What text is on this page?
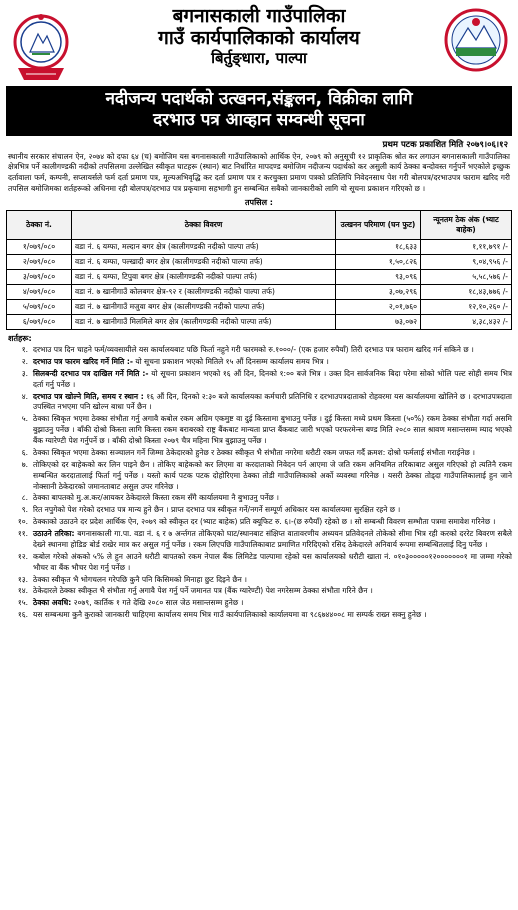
बगनासकाली गाउँपालिका
गाउँ कार्यपालिकाको कार्यालय
बिर्तुङ्धारा, पाल्पा
नदीजन्य पदार्थको उत्खनन,संङ्कलन, विक्रीका लागि
दरभाउ पत्र आव्हान सम्वन्धी सूचना
प्रथम पटक प्रकाशित मिति २०७९।०६।१२
स्थानीय सरकार संचालन ऐन, २०७४ को दफा ६४ (च) बमोजिम यस बगनासकाली गाउँपालिकाको आर्थिक ऐन, २०७९ को अनुसूची १२ प्राकृतिक श्रोत कर लगाउन बगनासकाली गाउँपालिका क्षेत्रभित्र पर्ने कालीगण्डकी नदीको तपसिलमा उल्लेखित स्वीकृत घाटहरू (स्थान) बाट निर्धारित मापदण्ड बमोजिम नदीजन्य पदार्थको कर असुली कार्य ठेक्का बन्दोवस्त गर्नुपर्ने भएकोले इच्छुक दर्तावाला फर्म, कम्पनी, सप्लायर्सले फर्म दर्ता प्रमाण पत्र, मूल्यअभिवृद्धि कर दर्ता प्रमाण पत्र र करचुक्ता प्रमाण पत्रको प्रतिलिपि निवेदनसाथ पेश गरी बोलपत्र/दरभाउपत्र फाराम खरिद गरी तपसिल बमोजिमका शर्तहरूको अधिनमा रही बोलपत्र/दरभाउ पत्र प्रकृयामा सहभागी हुन सम्बन्धित सबैको जानकारीको लागि यो सूचना प्रकाशन गरिएको छ ।
तपसिल :
ठेक्का नं.	ठेक्का विवरण	उत्खनन परिमाण (घन फुट)	न्यूनतम ठेक अंक (भ्याट बाहेक)
१/०७९/०८०	वडा नं. ६ यम्फा, मल्दान बगर क्षेत्र (कालीगण्डकी नदीको पाल्पा तर्फ)	१८,६३३	१,११,७९१ /-
२/०७९/०८०	वडा नं. ६ यम्फा, पल्खादी बगर क्षेत्र (कालीगण्डकी नदीको पाल्पा तर्फ)	१,५०,८२६	९,०४,९५६ /-
३/०७९/०८०	वडा नं. ६ यम्फा, टिपुवा बगर क्षेत्र (कालीगण्डकी नदीको पाल्पा तर्फ)	९३,०९६	५,५८,५७६ /-
४/०७९/०८०	वडा नं. ७ खानीगाउँ कोलबगर क्षेत्र-९२ र (कालीगण्डकी नदीको पाल्पा तर्फ)	३,०७,२९६	१८,४३,७७६ /-
५/०७९/०८०	वडा नं. ७ खानीगाउँ मजुवा बगर क्षेत्र (कालीगण्डकी नदीको पाल्पा तर्फ)	२,०१,७६०	१२,१०,२६० /-
६/०७९/०८०	वडा नं. ७ खानीगाउँ मिलमिले बगर क्षेत्र (कालीगण्डकी नदीको पाल्पा तर्फ)	७३,०७२	४,३८,४३२ /-
शर्तहरू:
१. दरभाउ पत्र दिन चाहने फर्म/व्यवसायीले यस कार्यालयबाट पछि फिर्ता नहुने गरी फारमको रु.१०००/- (एक हजार रुपैयाँ) तिरी दरभाउ पत्र फाराम खरिद गर्न सकिने छ ।
२. दरभाउ पत्र फारम खरिद गर्ने मिति :- यो सूचना प्रकाशन भएको मितिले १५ औं दिनसम्म कार्यालय समय भित्र ।
३. सिलबन्दी दरभाउ पत्र दाखिल गर्ने मिति :- यो सूचना प्रकाशन भएको १६ औं दिन, दिनको १:०० बजे भित्र । उक्त दिन सार्वजनिक बिदा परेमा सोको भोलि पल्ट सोही समय भित्र दर्ता गर्नु पर्नेछ ।
४. दरभाउ पत्र खोल्ने मिति, समय र स्थान : १६ औं दिन, दिनको २:३० बजे कार्यालयका कर्मचारी प्रतिनिधि र दरभाउपत्रदाताको रोहवरमा यस कार्यालयमा खोलिने छ । दरभाउपत्रदाता उपस्थित नभएमा पनि खोल्न बाधा पर्ने छैन ।
५. ठेक्का स्विकृत भएमा ठेक्का संभौता गर्नु अगावै कबोल रकम अग्रिम एकमुष्ट वा दुई किस्तामा बुभाउनु पर्नेछ । दुई किस्ता मध्ये प्रथम किस्ता (५०%) रकम ठेक्का संभौता गर्दा असमि बुझाउनु पर्नेछ । बाँकी दोश्रो किस्ता लागि किस्ता रकम बराबरको राष्ट्र बैंकबाट मान्यता प्राप्त बैंकबाट जारी भएको परफरमेन्स बण्ड मिति २०८० साल श्रावण मसान्तसम्म म्याद भएको बैंक ग्यारेण्टी पेश गर्नुपर्ने छ । बाँकी दोश्रो किस्ता २०७९ चैत्र महिना भित्र बुझाउनु पर्नेछ ।
६. ठेक्का स्विकृत भएमा ठेक्का सञ्चालन गर्ने जिम्मा ठेकेदारको हुनेछ र ठेक्का स्वीकृत भै संभौता नगरेमा धरौटी रकम जफत गर्दै क्रमश: दोश्रो फर्मलाई संभौता गराईनेछ ।
७. तोकिएको दर बाहेकको कर लिन पाइने छैन । तोकिए बाहेकको कर लिएमा वा करदाताको निवेदन पर्न आएमा जे जति रकम अनियमित तरिकाबाट असुल गरिएको हो त्यतिनै रकम सम्बन्धित करदातालाई फिर्ता गर्नु पर्नेछ । यस्तो कार्य पटक पटक दोहोरिएमा ठेक्का तोडी गाउँपालिकाको अर्को व्यवस्था गरिनेछ । यसरी ठेक्का तोड्दा गाउँपालिकालाई हुन जाने नोक्सानी ठेकेदारको जमानताबाट असुल उपर गरिनेछ ।
८. ठेक्का बापतको मु.अ.कर/आयकर ठेकेदारले किस्ता रकम सँगै कार्यालयमा नै बुभाउनु पर्नेछ ।
९. रित नपुगेको पेश गरेको दरभाउ पत्र मान्य हुने छैन । प्राप्त दरभाउ पत्र स्वीकृत गर्ने/नगर्ने सम्पूर्ण अधिकार यस कार्यालयमा सुरक्षित रहने छ ।
१०. ठेक्काको उठाउने दर प्रदेश आर्थिक ऐन, २०७९ को स्वीकृत दर (भ्याट बाहेक) प्रति क्यूफिट रु. ६।-(छ रुपैयाँ) रहेको छ । सो सम्बन्धी विवरण सम्भौता पत्रमा समावेश गरिनेछ ।
११. उठाउने तरिका: बगनासकाली गा.पा. वडा नं. ६ र ७ अर्न्तगत तोकिएको घाट/स्थानबाट संक्षिप्त वातावरणीय अध्ययन प्रतिवेदनले तोकेको सीमा भित्र रही करको दररेट बिवरण सबैले देख्ने स्थानमा होडिङ बोर्ड राखेर मात्र कर असुल गर्नु पर्नेछ । रकम लिएपछि गाउँपालिकाबाट प्रमाणित गरिदिएको रसिद ठेकेदारले अनिवार्य रूपमा सम्बन्धितलाई दिनु पर्नेछ ।
१२. कबोल गरेको अंकको ५% ले हुन आउने धरौटी बापतको रकम नेपाल बैंक लिमिटेड पाल्पामा रहेको यस कार्यालयको धरौटी खाता नं. ०१०३०००००१२०००००००१ मा जम्मा गरेको भौचर वा बैंक भौचर पेश गर्नु पर्नेछ ।
१३. ठेक्का स्वीकृत भै भोगचलन गरेपछि कुनै पनि किसिमको मिनाहा छुट दिइने छैन ।
१४. ठेकेदारले ठेक्का स्वीकृत भै संभौता गर्नु अगावै पेश गर्नु पर्ने जमानत पत्र (बैंक ग्यारेण्टी) पेश नगरेसम्म ठेक्का संभौता गरिने छैन ।
१५. ठेक्का अवधि: २०७९, कार्तिक १ गते देखि २०८० साल जेठ मसान्तसम्म हुनेछ ।
१६. यस सम्बन्धमा कुनै कुराको जानकारी चाहिएमा कार्यालय समय भित्र गाउँ कार्यपालिकाको कार्यालयमा वा ९८६७४४००८ मा सम्पर्क राख्न सक्नु हुनेछ ।
